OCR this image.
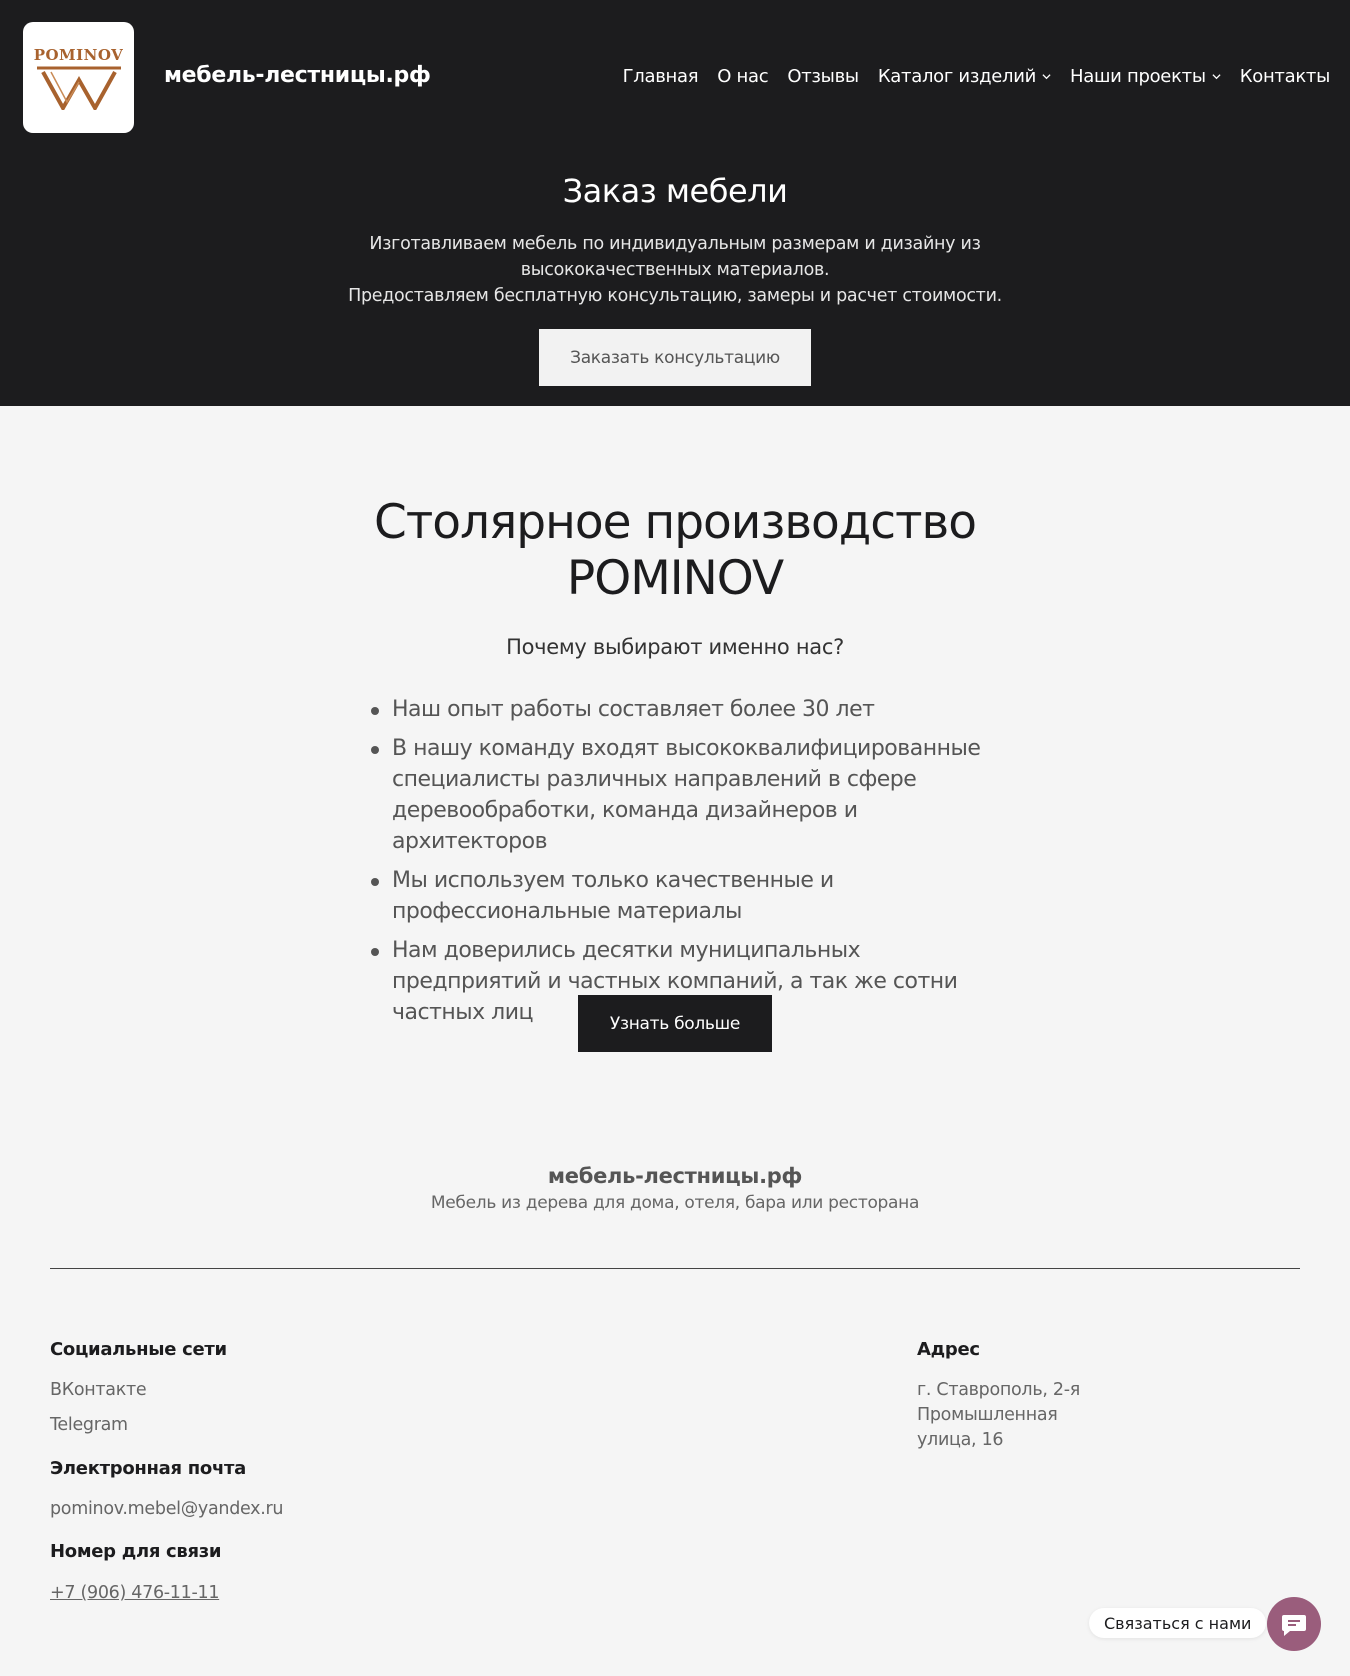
POMINOV
мебель-лестницы.рф	Главная О нас Отзывы Каталог изделий Наши проекты Контакты
Заказ мебели

Изготавливаем мебель по индивидуальным размерам и дизайну из высококачественных материалов.

Предоставляем бесплатную консультацию, замеры и расчет стоимости.

Заказать консультацию
Столярное производство
POMINOV
Почему выбирают именно нас?
Наш опыт работы составляет более 30 лет
В нашу команду входят высококвалифицированные специалисты различных направлений в сфере деревообработки, команда дизайнеров и архитекторов
Мы используем только качественные и профессиональные материалы
Нам доверились десятки муниципальных предприятий и частных компаний, а так же сотни частных лиц	Узнать больше
мебель-лестницы.рф
Мебель из дерева для дома, отеля, бара или ресторана
Социальные сети
ВКонтакте
Telegram
Электронная почта
pominov.mebel@yandex.ru
Номер для связи
+7 (906) 476-11-11
Адрес
г. Ставрополь, 2-я Промышленная улица, 16
Связаться с нами
